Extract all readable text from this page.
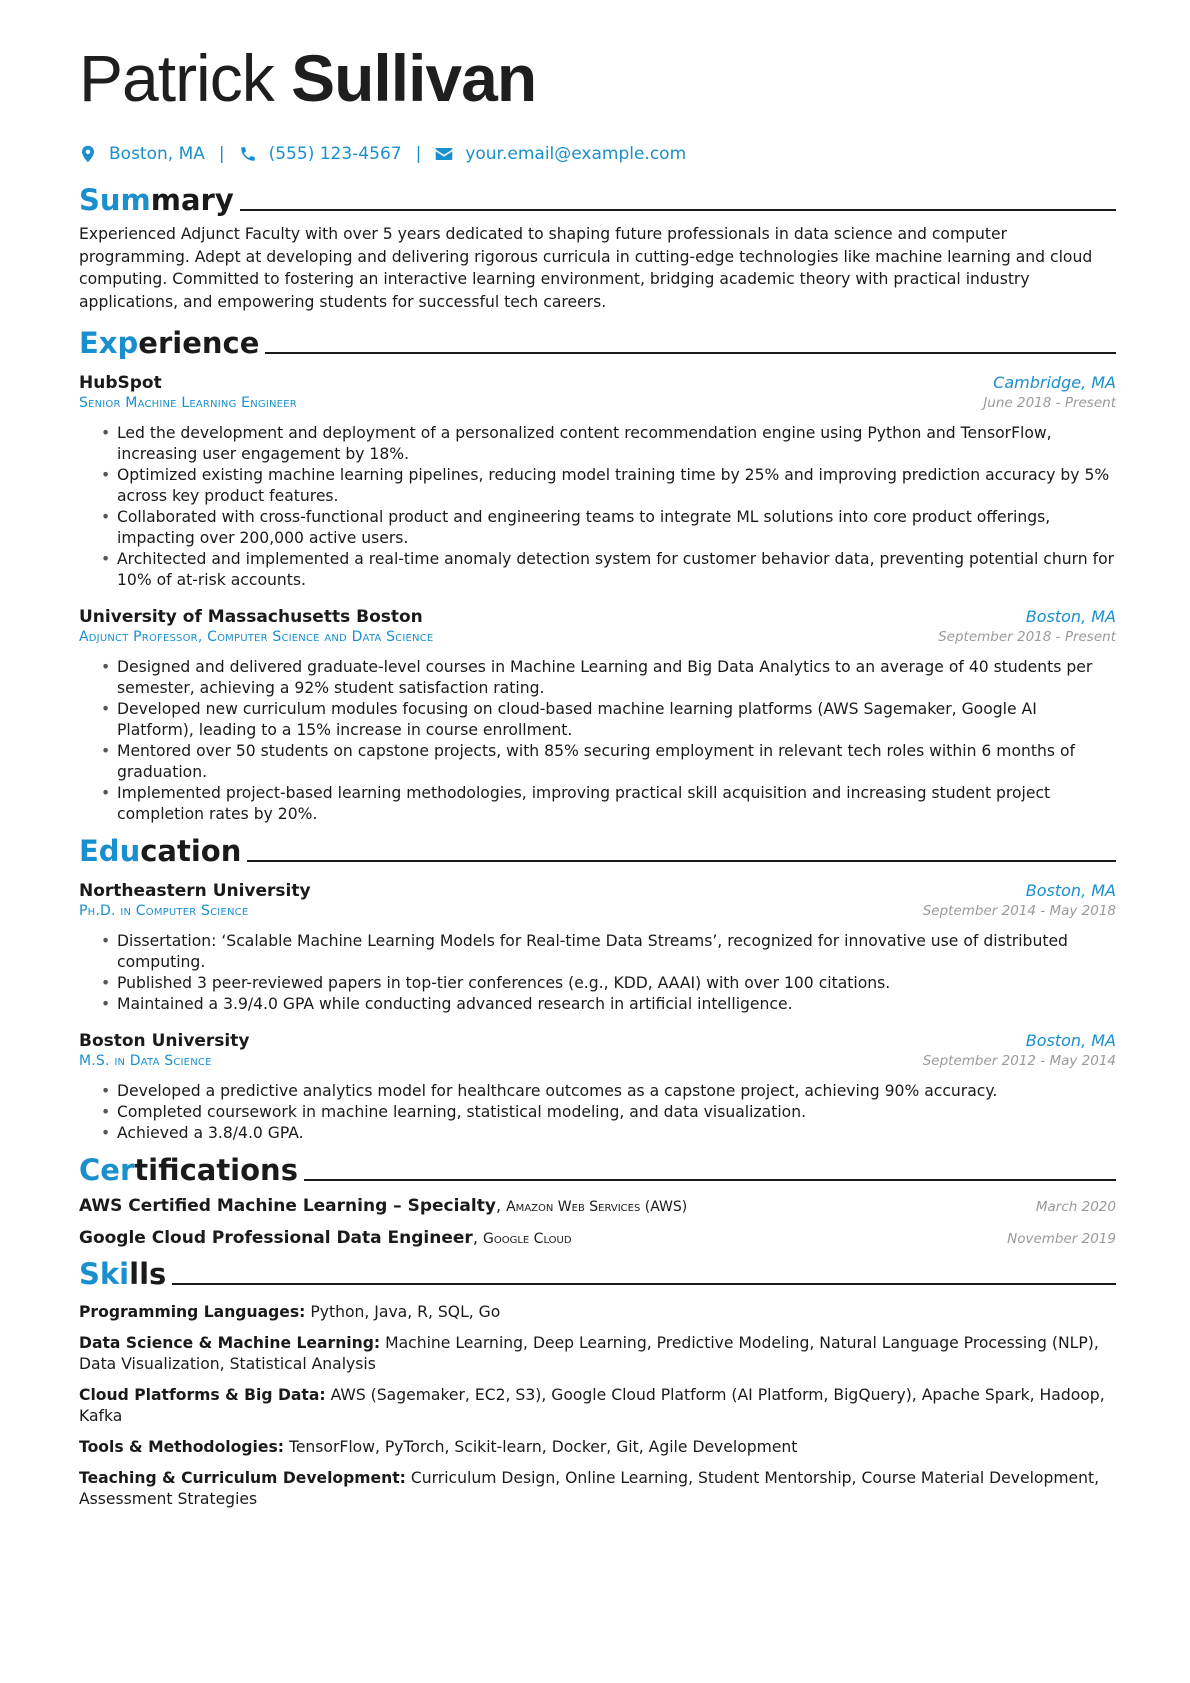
Patrick Sullivan
Boston, MA |	(555) 123-4567 |	your.email@example.com
Sum mary
Experienced Adjunct Faculty with over 5 years dedicated to shaping future professionals in data science and computer programming. Adept at developing and delivering rigorous curricula in cutting-edge technologies like machine learning and cloud computing. Committed to fostering an interactive learning environment, bridging academic theory with practical industry applications, and empowering students for successful tech careers.
Exp erience
HubSpot	Cambridge, MA
Senior Machine Learning Engineer	June 2018 - Present
• Led the development and deployment of a personalized content recommendation engine using Python and TensorFlow, increasing user engagement by 18%.
• Optimized existing machine learning pipelines, reducing model training time by 25% and improving prediction accuracy by 5% across key product features.
• Collaborated with cross-functional product and engineering teams to integrate ML solutions into core product offerings, impacting over 200,000 active users.
• Architected and implemented a real-time anomaly detection system for customer behavior data, preventing potential churn for 10% of at-risk accounts.
University of Massachusetts Boston	Boston, MA
Adjunct Professor, Computer Science and Data Science	September 2018 - Present
• Designed and delivered graduate-level courses in Machine Learning and Big Data Analytics to an average of 40 students per semester, achieving a 92% student satisfaction rating.
• Developed new curriculum modules focusing on cloud-based machine learning platforms (AWS Sagemaker, Google AI Platform), leading to a 15% increase in course enrollment.
• Mentored over 50 students on capstone projects, with 85% securing employment in relevant tech roles within 6 months of graduation.
• Implemented project-based learning methodologies, improving practical skill acquisition and increasing student project completion rates by 20%.
Edu cation
Northeastern University	Boston, MA
Ph.D. in Computer Science	September 2014 - May 2018
• Dissertation: ‘Scalable Machine Learning Models for Real-time Data Streams’, recognized for innovative use of distributed computing.
• Published 3 peer-reviewed papers in top-tier conferences (e.g., KDD, AAAI) with over 100 citations.
• Maintained a 3.9/4.0 GPA while conducting advanced research in artificial intelligence.
Boston University	Boston, MA
M.S. in Data Science	September 2012 - May 2014
• Developed a predictive analytics model for healthcare outcomes as a capstone project, achieving 90% accuracy.
• Completed coursework in machine learning, statistical modeling, and data visualization.
• Achieved a 3.8/4.0 GPA.
Cer tifications
AWS Certified Machine Learning – Specialty, Amazon Web Services (AWS)	March 2020
Google Cloud Professional Data Engineer, Google Cloud	November 2019
Ski lls
Programming Languages: Python, Java, R, SQL, Go
Data Science & Machine Learning: Machine Learning, Deep Learning, Predictive Modeling, Natural Language Processing (NLP), Data Visualization, Statistical Analysis
Cloud Platforms & Big Data: AWS (Sagemaker, EC2, S3), Google Cloud Platform (AI Platform, BigQuery), Apache Spark, Hadoop, Kafka
Tools & Methodologies: TensorFlow, PyTorch, Scikit-learn, Docker, Git, Agile Development
Teaching & Curriculum Development: Curriculum Design, Online Learning, Student Mentorship, Course Material Development, Assessment Strategies
